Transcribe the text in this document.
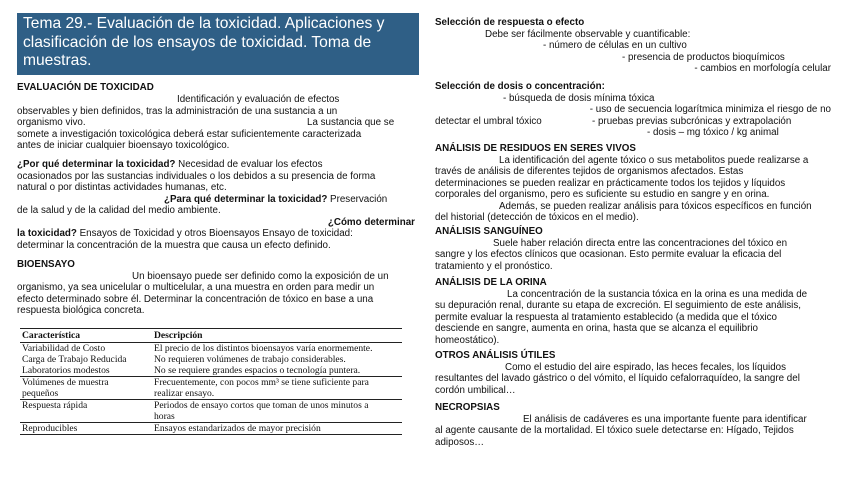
Tema 29.- Evaluación de la toxicidad. Aplicaciones y clasificación de los ensayos de toxicidad. Toma de muestras.

EVALUACIÓN DE TOXICIDAD

Identificación y evaluación de efectos

observables y bien definidos, tras la administración de una sustancia a un

organismo vivo.	La sustancia que se

somete a investigación toxicológica deberá estar suficientemente caracterizada

antes de iniciar cualquier bioensayo toxicológico.

¿Por qué determinar la toxicidad? Necesidad de evaluar los efectos

ocasionados por las sustancias individuales o los debidos a su presencia de forma

natural o por distintas actividades humanas, etc.

¿Para qué determinar la toxicidad? Preservación

de la salud y de la calidad del medio ambiente.

¿Cómo determinar

la toxicidad? Ensayos de Toxicidad y otros Bioensayos Ensayo de toxicidad:

determinar la concentración de la muestra que causa un efecto definido.

BIOENSAYO

Un bioensayo puede ser definido como la exposición de un

organismo, ya sea unicelular o multicelular, a una muestra en orden para medir un

efecto determinado sobre él. Determinar la concentración de tóxico en base a una

respuesta biológica concreta.

Característica	Descripción
Variabilidad de Costo	El precio de los distintos bioensayos varía enormemente.
Carga de Trabajo Reducida	No requieren volúmenes de trabajo considerables.
Laboratorios modestos	No se requiere grandes espacios o tecnología puntera.
Volúmenes de muestra
pequeños	Frecuentemente, con pocos mm³ se tiene suficiente para
realizar ensayo.
Respuesta rápida	Periodos de ensayo cortos que toman de unos minutos a
horas
Reproducibles	Ensayos estandarizados de mayor precisión

Selección de respuesta o efecto

Debe ser fácilmente observable y cuantificable:

- número de células en un cultivo

- presencia de productos bioquímicos

- cambios en morfología celular

Selección de dosis o concentración:

- búsqueda de dosis mínima tóxica

- uso de secuencia logarítmica minimiza el riesgo de no

detectar el umbral tóxico	- pruebas previas subcrónicas y extrapolación

- dosis – mg tóxico / kg animal

ANÁLISIS DE RESIDUOS EN SERES VIVOS

La identificación del agente tóxico o sus metabolitos puede realizarse a

través de análisis de diferentes tejidos de organismos afectados. Estas

determinaciones se pueden realizar en prácticamente todos los tejidos y líquidos

corporales del organismo, pero es suficiente su estudio en sangre y en orina.

Además, se pueden realizar análisis para tóxicos específicos en función

del historial (detección de tóxicos en el medio).

ANÁLISIS SANGUÍNEO

Suele haber relación directa entre las concentraciones del tóxico en

sangre y los efectos clínicos que ocasionan. Esto permite evaluar la eficacia del

tratamiento y el pronóstico.

ANÁLISIS DE LA ORINA

La concentración de la sustancia tóxica en la orina es una medida de

su depuración renal, durante su etapa de excreción. El seguimiento de este análisis,

permite evaluar la respuesta al tratamiento establecido (a medida que el tóxico

desciende en sangre, aumenta en orina, hasta que se alcanza el equilibrio

homeostático).

OTROS ANÁLISIS ÚTILES

Como el estudio del aire espirado, las heces fecales, los líquidos

resultantes del lavado gástrico o del vómito, el líquido cefalorraquídeo, la sangre del

cordón umbilical…

NECROPSIAS

El análisis de cadáveres es una importante fuente para identificar

al agente causante de la mortalidad. El tóxico suele detectarse en: Hígado, Tejidos

adiposos…
